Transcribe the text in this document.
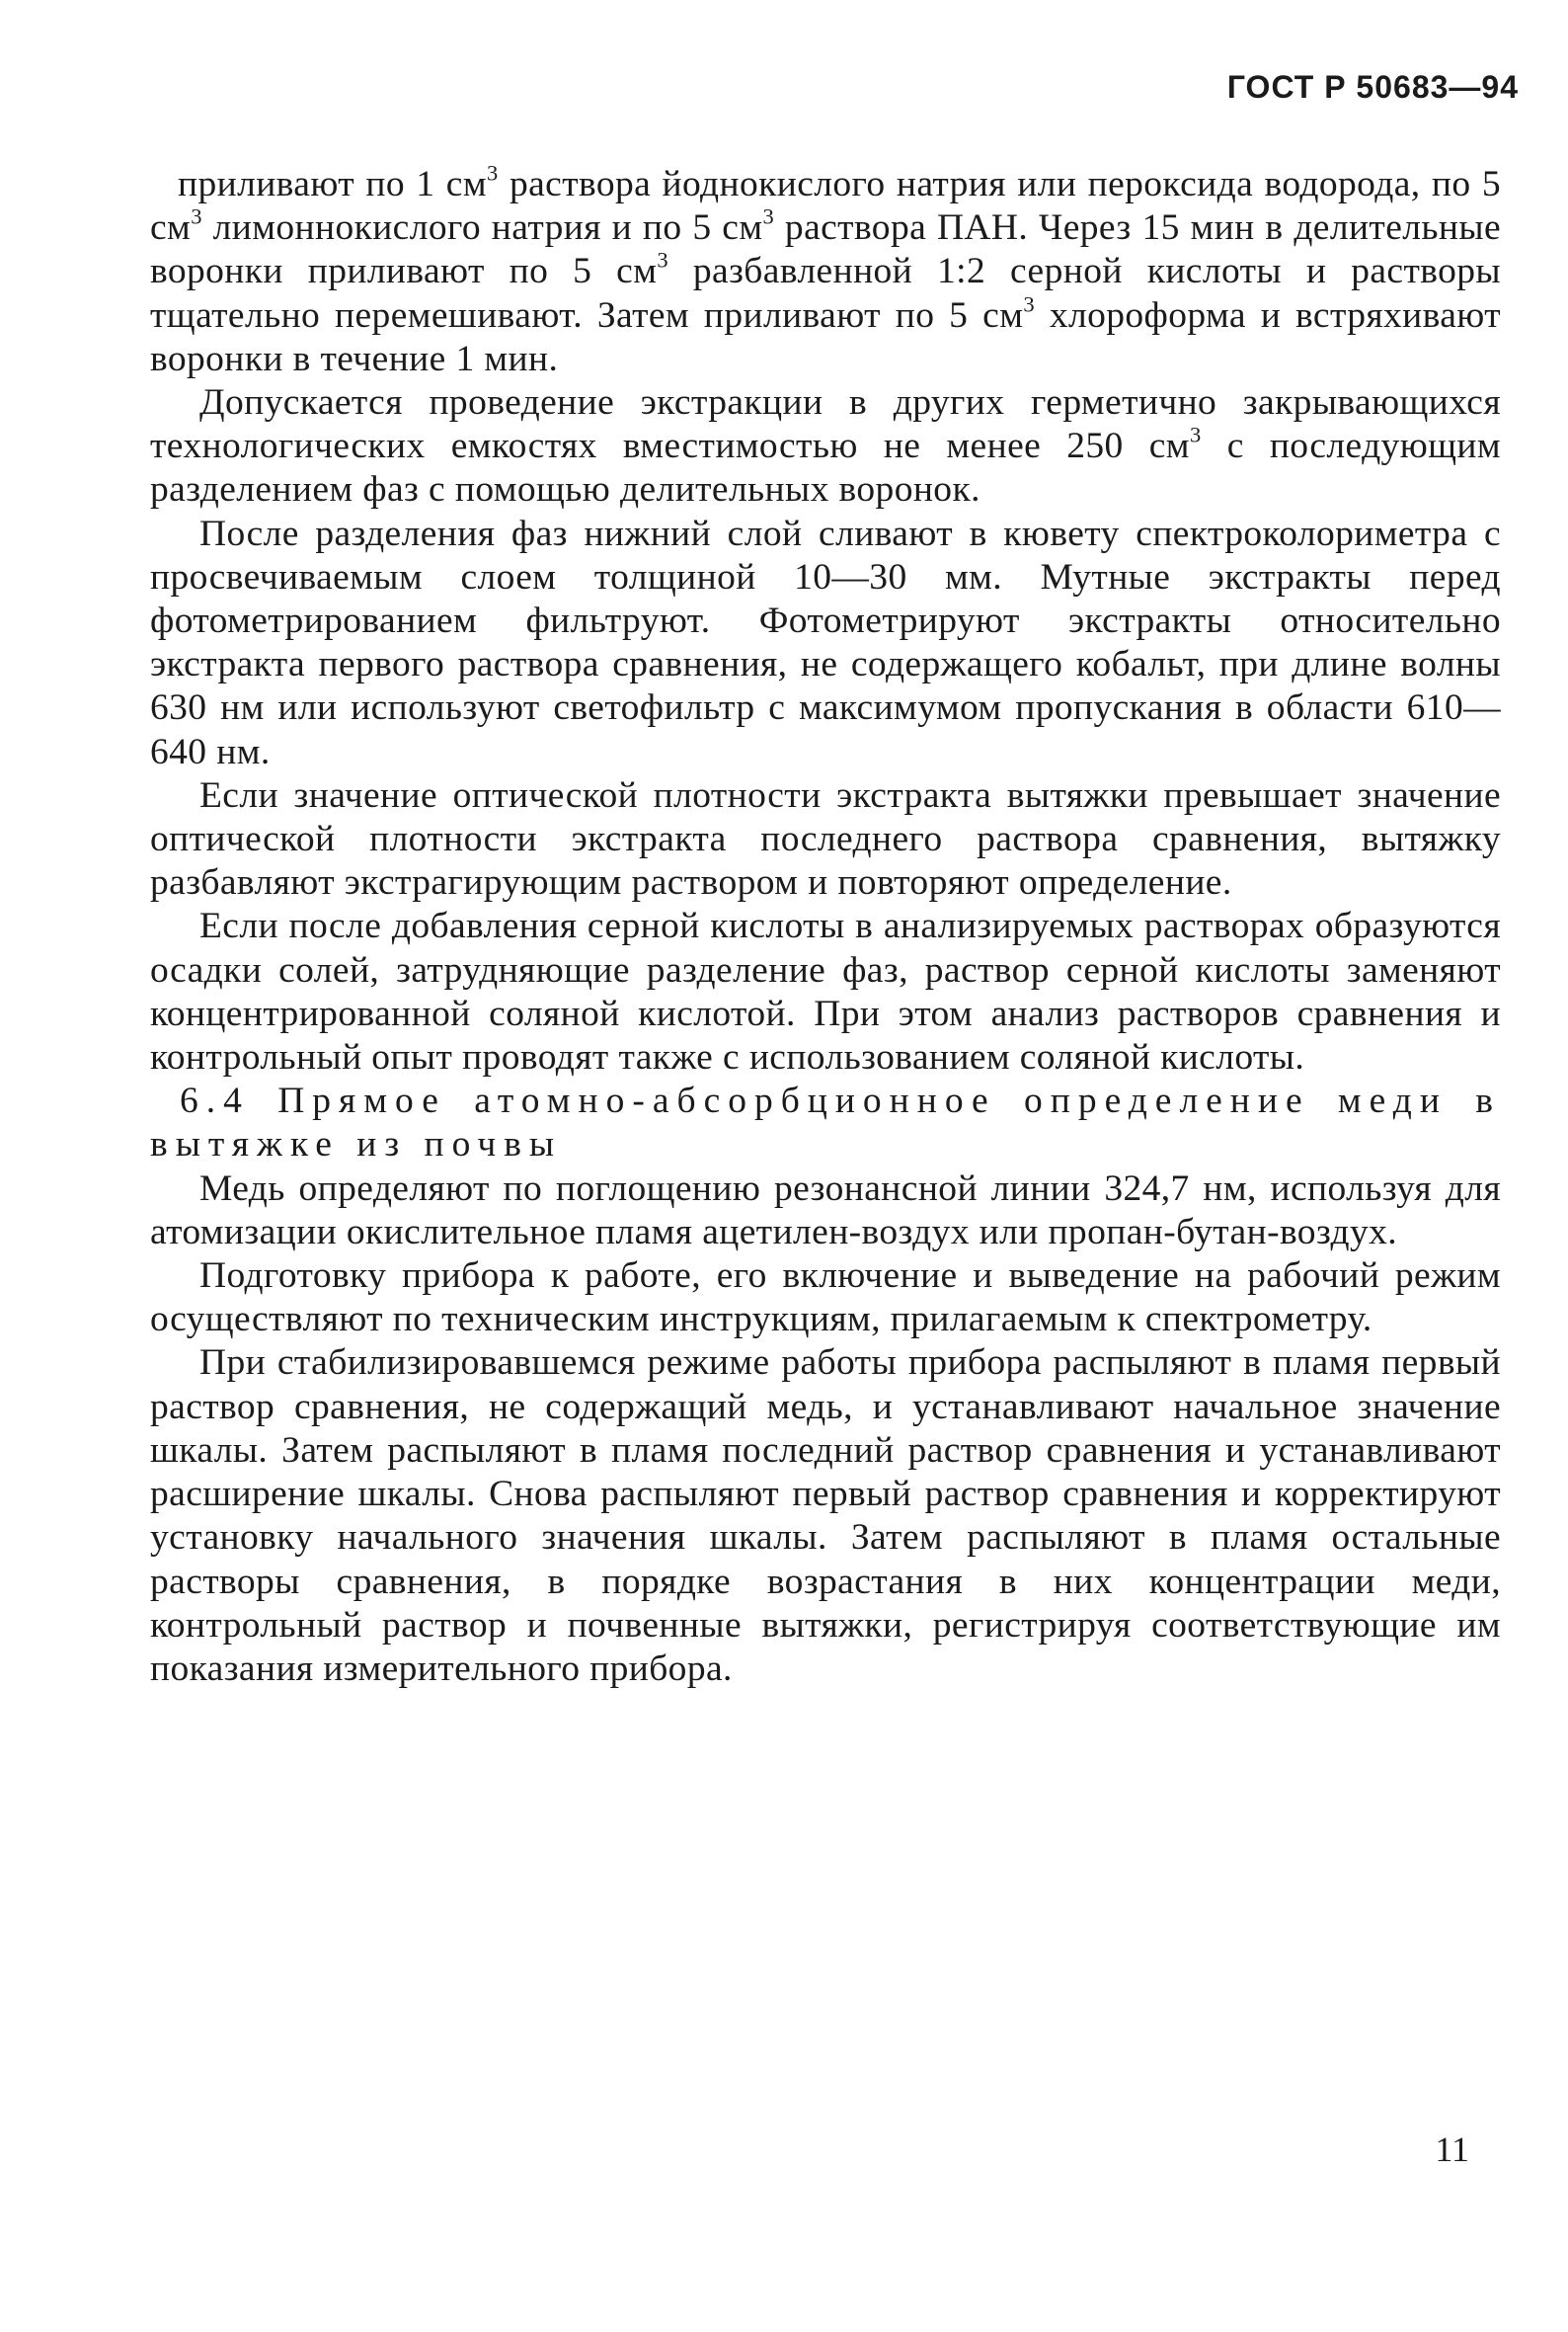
ГОСТ Р 50683—94

приливают по 1 $см^3$ раствора йоднокислого натрия или пероксида водорода, по 5 $см^3$ лимоннокислого натрия и по 5 $см^3$ раствора ПАН. Через 15 мин в делительные воронки приливают по 5 $см^3$ разбавленной 1:2 серной кислоты и растворы тщательно перемешивают. Затем приливают по 5 $см^3$ хлороформа и встряхивают воронки в течение 1 мин.

Допускается проведение экстракции в других герметично закрывающихся технологических емкостях вместимостью не менее 250 $см^3$ с последующим разделением фаз с помощью делительных воронок.

После разделения фаз нижний слой сливают в кювету спектроколориметра с просвечиваемым слоем толщиной 10—30 мм. Мутные экстракты перед фотометрированием фильтруют. Фотометрируют экстракты относительно экстракта первого раствора сравнения, не содержащего кобальт, при длине волны 630 нм или используют светофильтр с максимумом пропускания в области 610—640 нм.

Если значение оптической плотности экстракта вытяжки превышает значение оптической плотности экстракта последнего раствора сравнения, вытяжку разбавляют экстрагирующим раствором и повторяют определение.

Если после добавления серной кислоты в анализируемых растворах образуются осадки солей, затрудняющие разделение фаз, раствор серной кислоты заменяют концентрированной соляной кислотой. При этом анализ растворов сравнения и контрольный опыт проводят также с использованием соляной кислоты.

6.4 Прямое атомно-абсорбционное определение меди в вытяжке из почвы

Медь определяют по поглощению резонансной линии 324,7 нм, используя для атомизации окислительное пламя ацетилен-воздух или пропан-бутан-воздух.

Подготовку прибора к работе, его включение и выведение на рабочий режим осуществляют по техническим инструкциям, прилагаемым к спектрометру.

При стабилизировавшемся режиме работы прибора распыляют в пламя первый раствор сравнения, не содержащий медь, и устанавливают начальное значение шкалы. Затем распыляют в пламя последний раствор сравнения и устанавливают расширение шкалы. Снова распыляют первый раствор сравнения и корректируют установку начального значения шкалы. Затем распыляют в пламя остальные растворы сравнения, в порядке возрастания в них концентрации меди, контрольный раствор и почвенные вытяжки, регистрируя соответствующие им показания измерительного прибора.

11
